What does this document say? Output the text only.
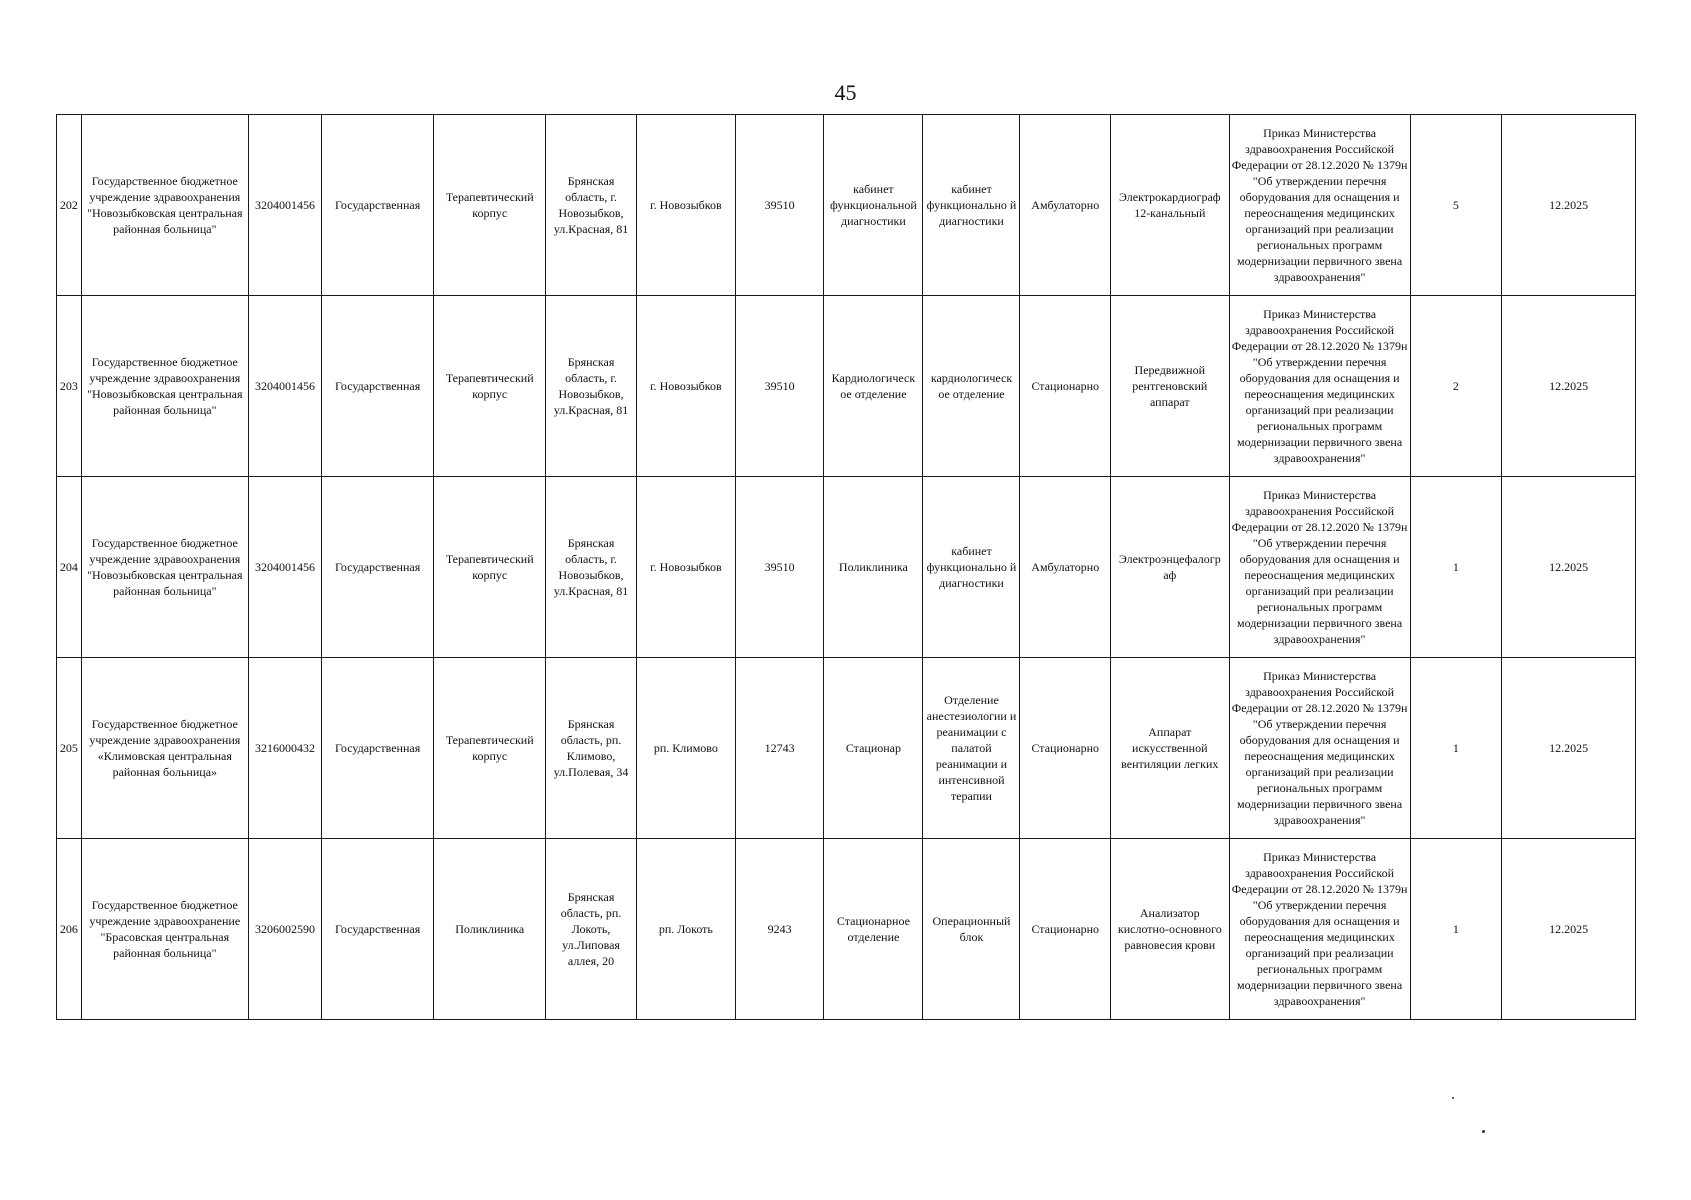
45
202	Государственное бюджетное учреждение здравоохранения "Новозыбковская центральная районная больница"	3204001456	Государственная	Терапевтический корпус	Брянская область, г. Новозыбков, ул.Красная, 81	г. Новозыбков	39510	кабинет функциональной диагностики	кабинет функционально й диагностики	Амбулаторно	Электрокардиограф 12-канальный	Приказ Министерства здравоохранения Российской Федерации от 28.12.2020 № 1379н "Об утверждении перечня оборудования для оснащения и переоснащения медицинских организаций при реализации региональных программ модернизации первичного звена здравоохранения"	5	12.2025
203	Государственное бюджетное учреждение здравоохранения "Новозыбковская центральная районная больница"	3204001456	Государственная	Терапевтический корпус	Брянская область, г. Новозыбков, ул.Красная, 81	г. Новозыбков	39510	Кардиологическ ое отделение	кардиологическ ое отделение	Стационарно	Передвижной рентгеновский аппарат	Приказ Министерства здравоохранения Российской Федерации от 28.12.2020 № 1379н "Об утверждении перечня оборудования для оснащения и переоснащения медицинских организаций при реализации региональных программ модернизации первичного звена здравоохранения"	2	12.2025
204	Государственное бюджетное учреждение здравоохранения "Новозыбковская центральная районная больница"	3204001456	Государственная	Терапевтический корпус	Брянская область, г. Новозыбков, ул.Красная, 81	г. Новозыбков	39510	Поликлиника	кабинет функционально й диагностики	Амбулаторно	Электроэнцефалогр аф	Приказ Министерства здравоохранения Российской Федерации от 28.12.2020 № 1379н "Об утверждении перечня оборудования для оснащения и переоснащения медицинских организаций при реализации региональных программ модернизации первичного звена здравоохранения"	1	12.2025
205	Государственное бюджетное учреждение здравоохранения «Климовская центральная районная больница»	3216000432	Государственная	Терапевтический корпус	Брянская область, рп. Климово, ул.Полевая, 34	рп. Климово	12743	Стационар	Отделение анестезиологии и реанимации с палатой реанимации и интенсивной терапии	Стационарно	Аппарат искусственной вентиляции легких	Приказ Министерства здравоохранения Российской Федерации от 28.12.2020 № 1379н "Об утверждении перечня оборудования для оснащения и переоснащения медицинских организаций при реализации региональных программ модернизации первичного звена здравоохранения"	1	12.2025
206	Государственное бюджетное учреждение здравоохранение "Брасовская центральная районная больница"	3206002590	Государственная	Поликлиника	Брянская область, рп. Локоть, ул.Липовая аллея, 20	рп. Локоть	9243	Стационарное отделение	Операционный блок	Стационарно	Анализатор кислотно-основного равновесия крови	Приказ Министерства здравоохранения Российской Федерации от 28.12.2020 № 1379н "Об утверждении перечня оборудования для оснащения и переоснащения медицинских организаций при реализации региональных программ модернизации первичного звена здравоохранения"	1	12.2025
